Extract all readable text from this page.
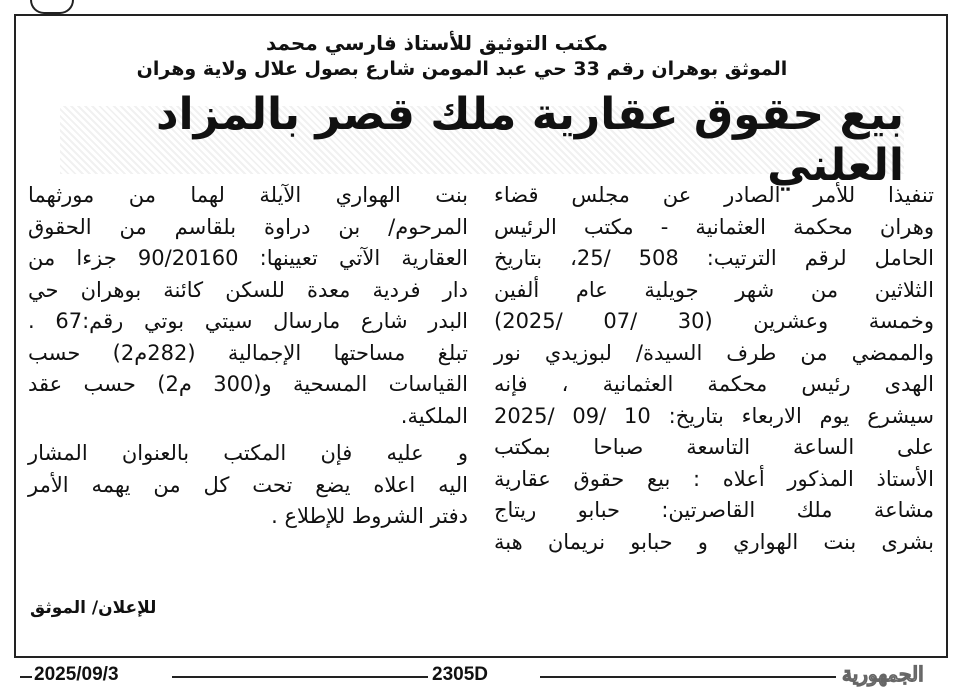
مكتب التوثيق للأستاذ فارسي محمد
الموثق بوهران رقم 33 حي عبد المومن شارع بصول علال ولاية وهران
بيع حقوق عقارية ملك قصر بالمزاد العلني

تنفيذا للأمر الصادر عن مجلس قضاء
وهران محكمة العثمانية - مكتب الرئيس
الحامل لرقم الترتيب: 508 /25، بتاريخ
الثلاثين من شهر جويلية عام ألفين
وخمسة وعشرين (30 /07 /2025)
والممضي من طرف السيدة/ لبوزيدي نور
الهدى رئيس محكمة العثمانية ، فإنه
سيشرع يوم الاربعاء بتاريخ: 10 /09 /2025
على الساعة التاسعة صباحا بمكتب
الأستاذ المذكور أعلاه : بيع حقوق عقارية
مشاعة ملك القاصرتين: حبابو ريتاج
بشرى بنت الهواري و حبابو نريمان هبة

بنت الهواري الآيلة لهما من مورثهما
المرحوم/ بن دراوة بلقاسم من الحقوق
العقارية الآتي تعيينها: 90/20160 جزءا من
دار فردية معدة للسكن كائنة بوهران حي
البدر شارع مارسال سيتي بوتي رقم:67 .
تبلغ مساحتها الإجمالية (282م2) حسب
القياسات المسحية و(300 م2) حسب عقد
الملكية.

و عليه فإن المكتب بالعنوان المشار
اليه اعلاه يضع تحت كل من يهمه الأمر
دفتر الشروط للإطلاع .

للإعلان/ الموثق
2025/09/3	2305D	الجمهورية
